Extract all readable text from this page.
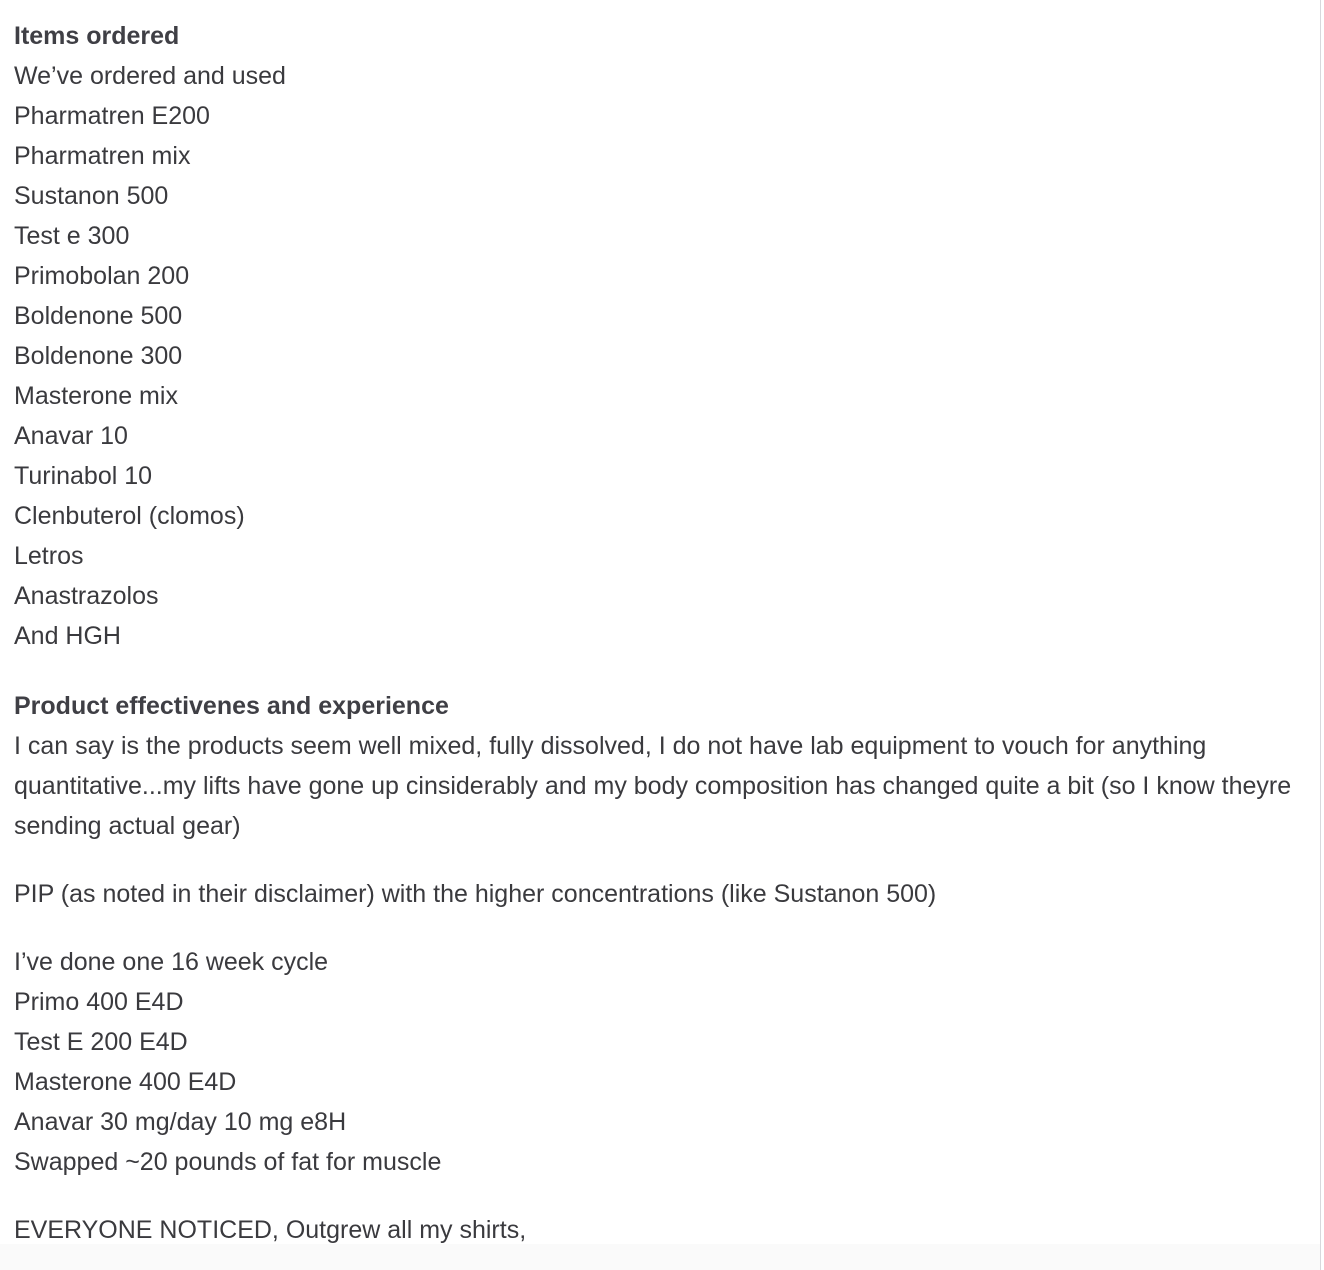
Items ordered
We’ve ordered and used
Pharmatren E200
Pharmatren mix
Sustanon 500
Test e 300
Primobolan 200
Boldenone 500
Boldenone 300
Masterone mix
Anavar 10
Turinabol 10
Clenbuterol (clomos)
Letros
Anastrazolos
And HGH
Product effectivenes and experience
I can say is the products seem well mixed, fully dissolved, I do not have lab equipment to vouch for anything quantitative...my lifts have gone up cinsiderably and my body composition has changed quite a bit (so I know theyre sending actual gear)
PIP (as noted in their disclaimer) with the higher concentrations (like Sustanon 500)
I’ve done one 16 week cycle
Primo 400 E4D
Test E 200 E4D
Masterone 400 E4D
Anavar 30 mg/day 10 mg e8H
Swapped ~20 pounds of fat for muscle
EVERYONE NOTICED, Outgrew all my shirts,
